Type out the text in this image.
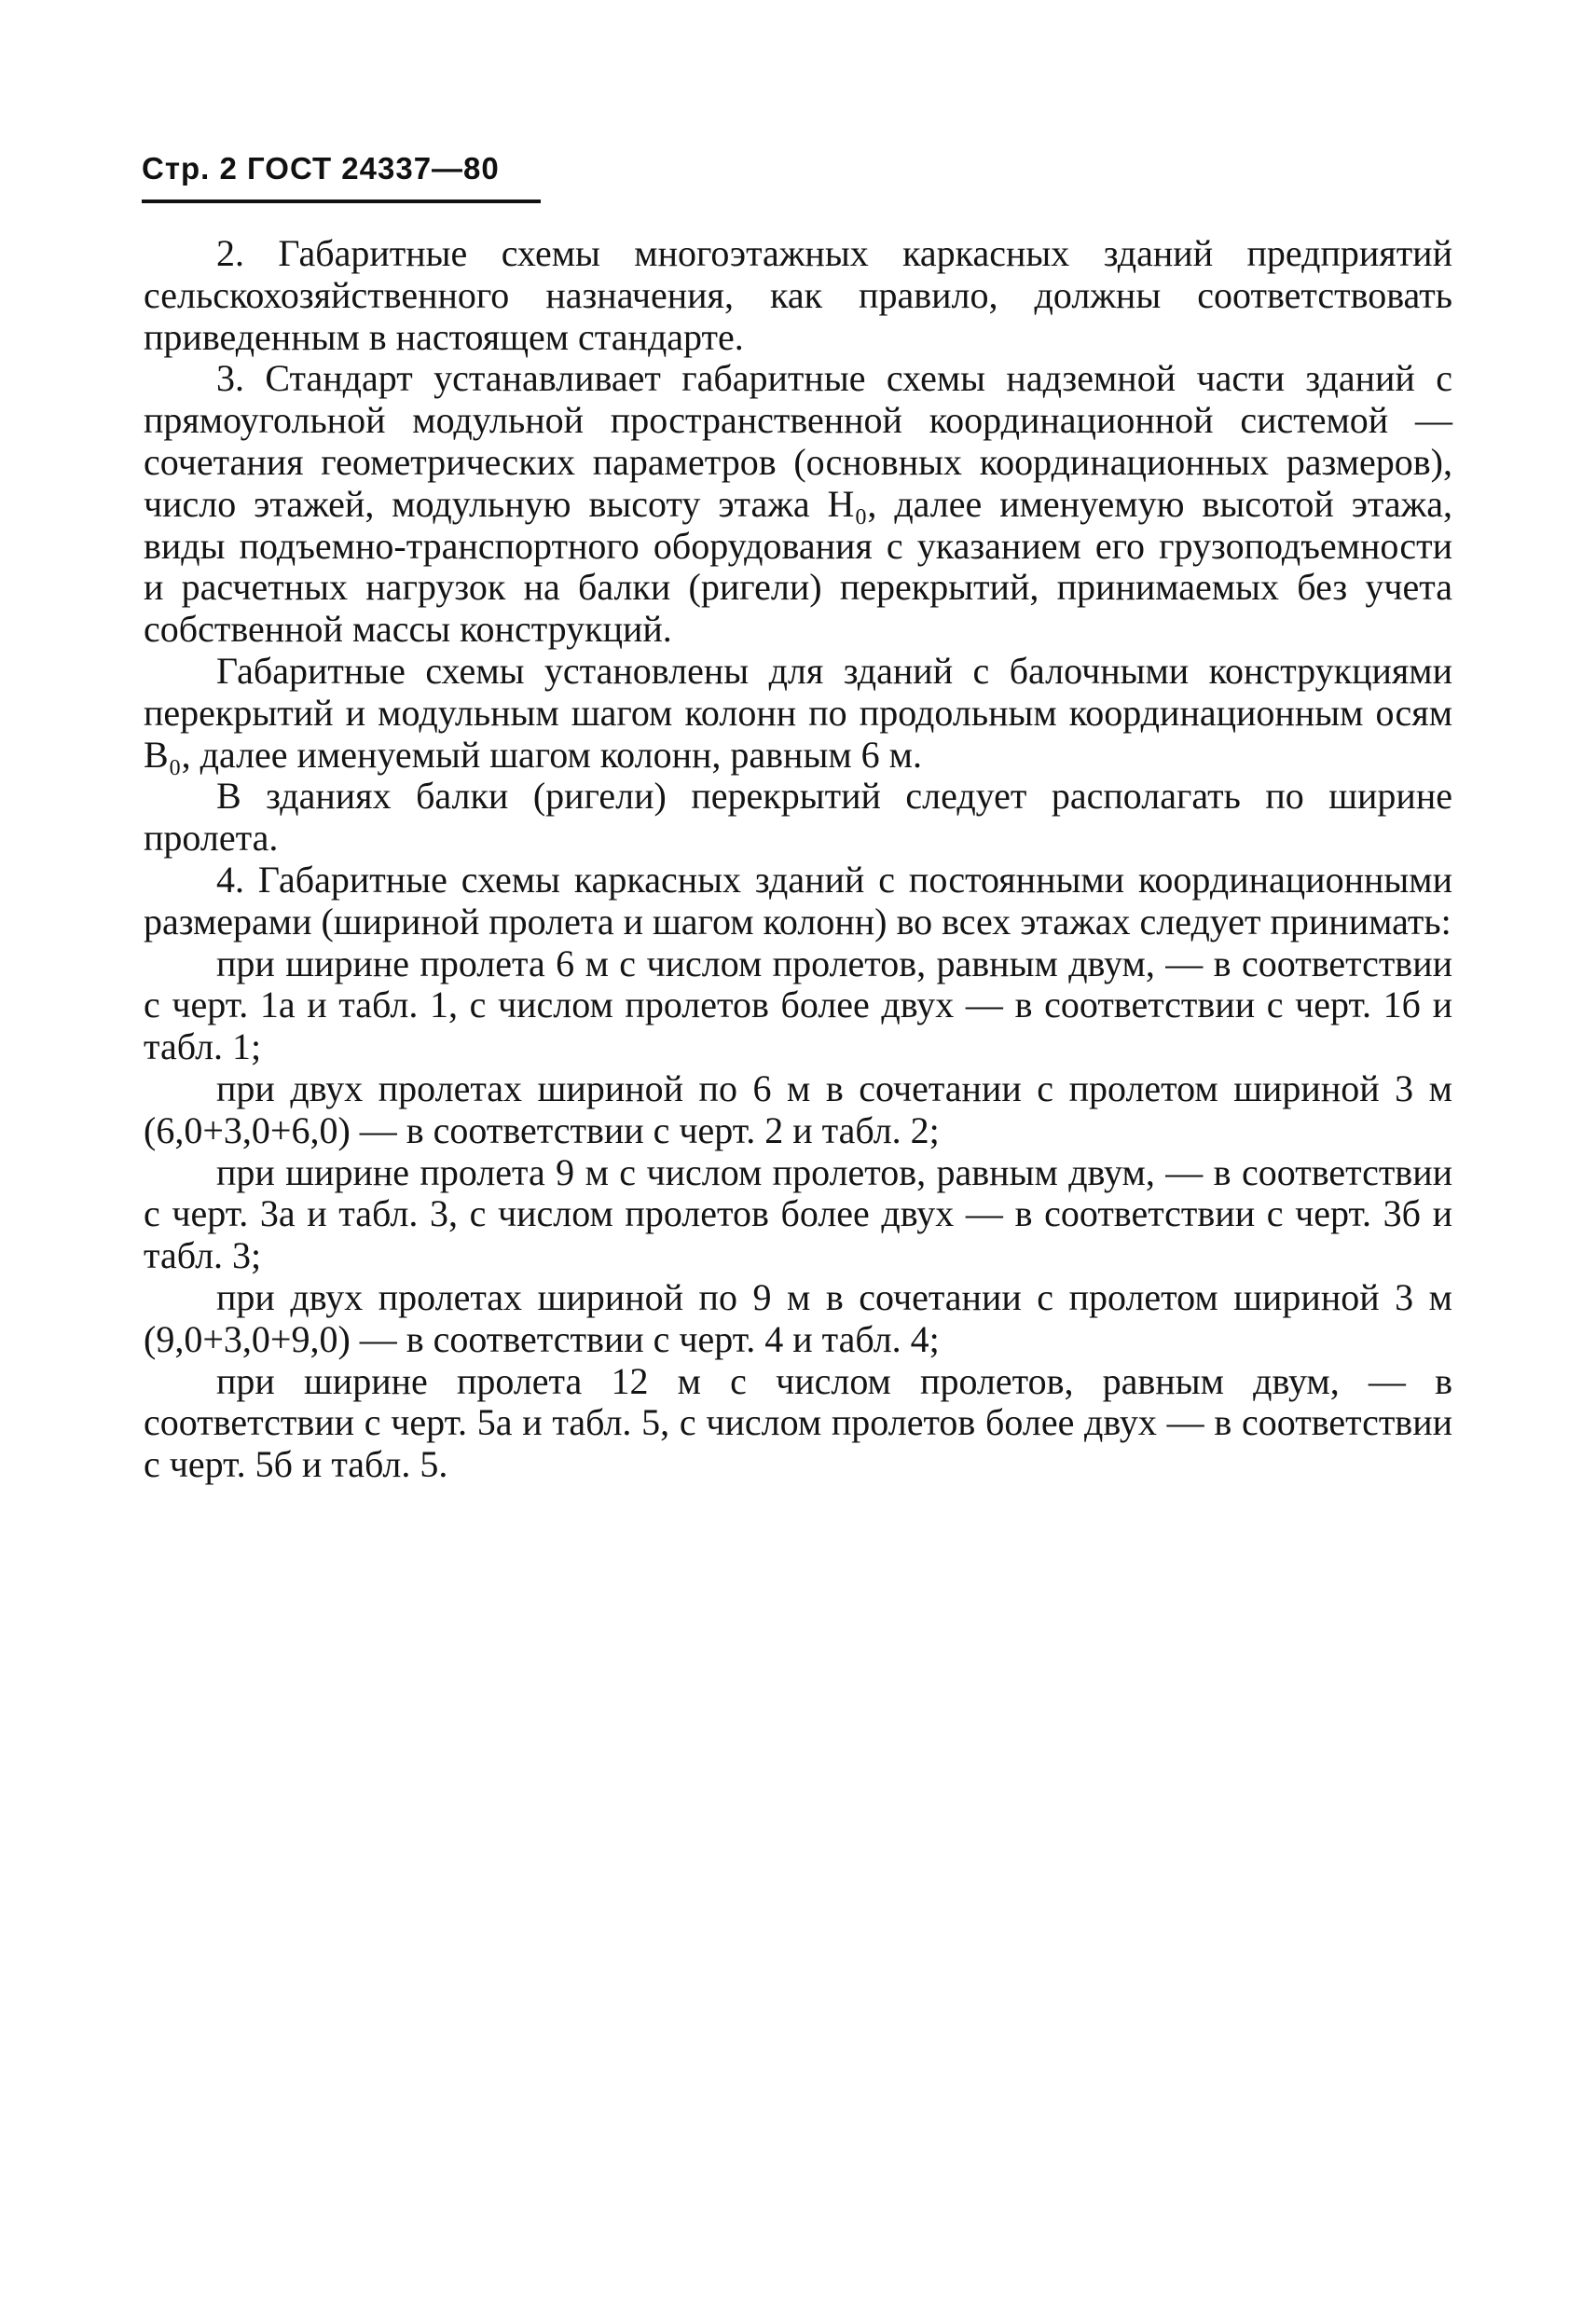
Стр. 2 ГОСТ 24337—80

2. Габаритные схемы многоэтажных каркасных зданий предприятий сельскохозяйственного назначения, как правило, должны соответствовать приведенным в настоящем стандарте.

3. Стандарт устанавливает габаритные схемы надземной части зданий с прямоугольной модульной пространственной координационной системой — сочетания геометрических параметров (основных координационных размеров), число этажей, модульную высоту этажа H₀, далее именуемую высотой этажа, виды подъемно-транспортного оборудования с указанием его грузоподъемности и расчетных нагрузок на балки (ригели) перекрытий, принимаемых без учета собственной массы конструкций.

Габаритные схемы установлены для зданий с балочными конструкциями перекрытий и модульным шагом колонн по продольным координационным осям B₀, далее именуемый шагом колонн, равным 6 м.

В зданиях балки (ригели) перекрытий следует располагать по ширине пролета.

4. Габаритные схемы каркасных зданий с постоянными координационными размерами (шириной пролета и шагом колонн) во всех этажах следует принимать:

при ширине пролета 6 м с числом пролетов, равным двум, — в соответствии с черт. 1а и табл. 1, с числом пролетов более двух — в соответствии с черт. 1б и табл. 1;

при двух пролетах шириной по 6 м в сочетании с пролетом шириной 3 м (6,0+3,0+6,0) — в соответствии с черт. 2 и табл. 2;

при ширине пролета 9 м с числом пролетов, равным двум, — в соответствии с черт. 3а и табл. 3, с числом пролетов более двух — в соответствии с черт. 3б и табл. 3;

при двух пролетах шириной по 9 м в сочетании с пролетом шириной 3 м (9,0+3,0+9,0) — в соответствии с черт. 4 и табл. 4;

при ширине пролета 12 м с числом пролетов, равным двум, — в соответствии с черт. 5а и табл. 5, с числом пролетов более двух — в соответствии с черт. 5б и табл. 5.
